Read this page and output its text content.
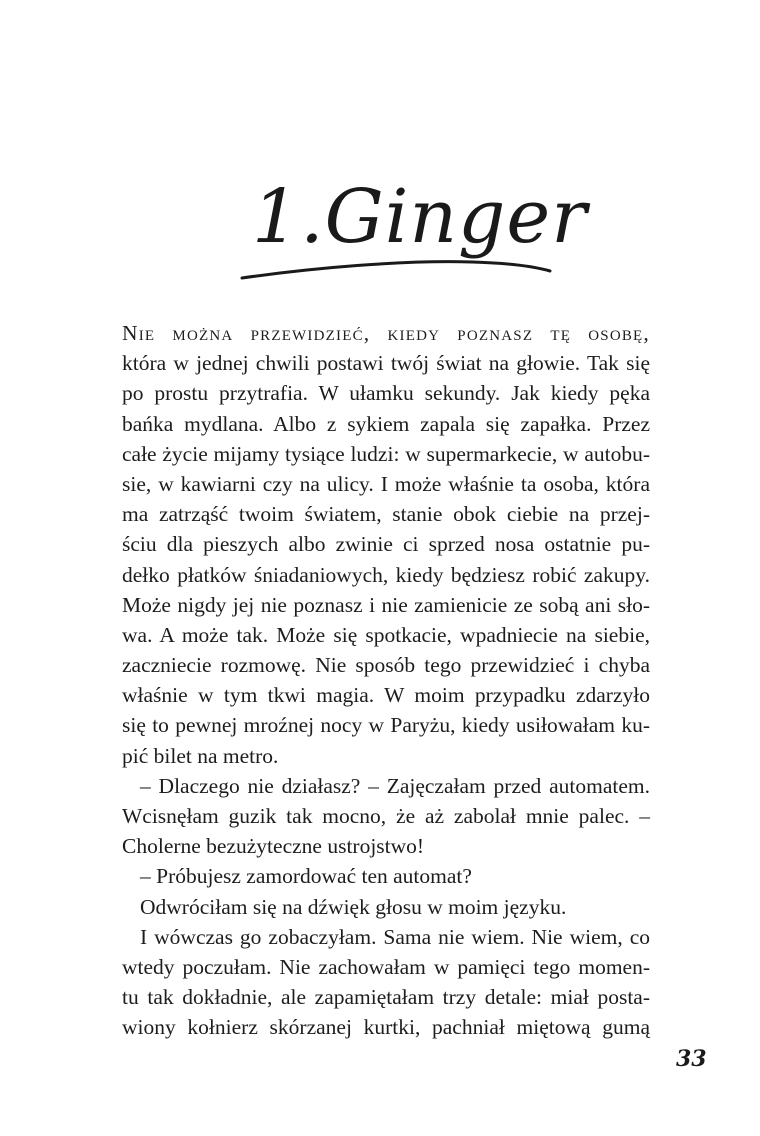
1.Ginger
Nie można przewidzieć, kiedy poznasz tę osobę,
która w jednej chwili postawi twój świat na głowie. Tak się
po prostu przytrafia. W ułamku sekundy. Jak kiedy pęka
bańka mydlana. Albo z sykiem zapala się zapałka. Przez
całe życie mijamy tysiące ludzi: w supermarkecie, w autobu-
sie, w kawiarni czy na ulicy. I może właśnie ta osoba, która
ma zatrząść twoim światem, stanie obok ciebie na przej-
ściu dla pieszych albo zwinie ci sprzed nosa ostatnie pu-
dełko płatków śniadaniowych, kiedy będziesz robić zakupy.
Może nigdy jej nie poznasz i nie zamienicie ze sobą ani sło-
wa. A może tak. Może się spotkacie, wpadniecie na siebie,
zaczniecie rozmowę. Nie sposób tego przewidzieć i chyba
właśnie w tym tkwi magia. W moim przypadku zdarzyło
się to pewnej mroźnej nocy w Paryżu, kiedy usiłowałam ku-
pić bilet na metro.
– Dlaczego nie działasz? – Zajęczałam przed automatem.
Wcisnęłam guzik tak mocno, że aż zabolał mnie palec. –
Cholerne bezużyteczne ustrojstwo!
– Próbujesz zamordować ten automat?
Odwróciłam się na dźwięk głosu w moim języku.
I wówczas go zobaczyłam. Sama nie wiem. Nie wiem, co
wtedy poczułam. Nie zachowałam w pamięci tego momen-
tu tak dokładnie, ale zapamiętałam trzy detale: miał posta-
wiony kołnierz skórzanej kurtki, pachniał miętową gumą
33
